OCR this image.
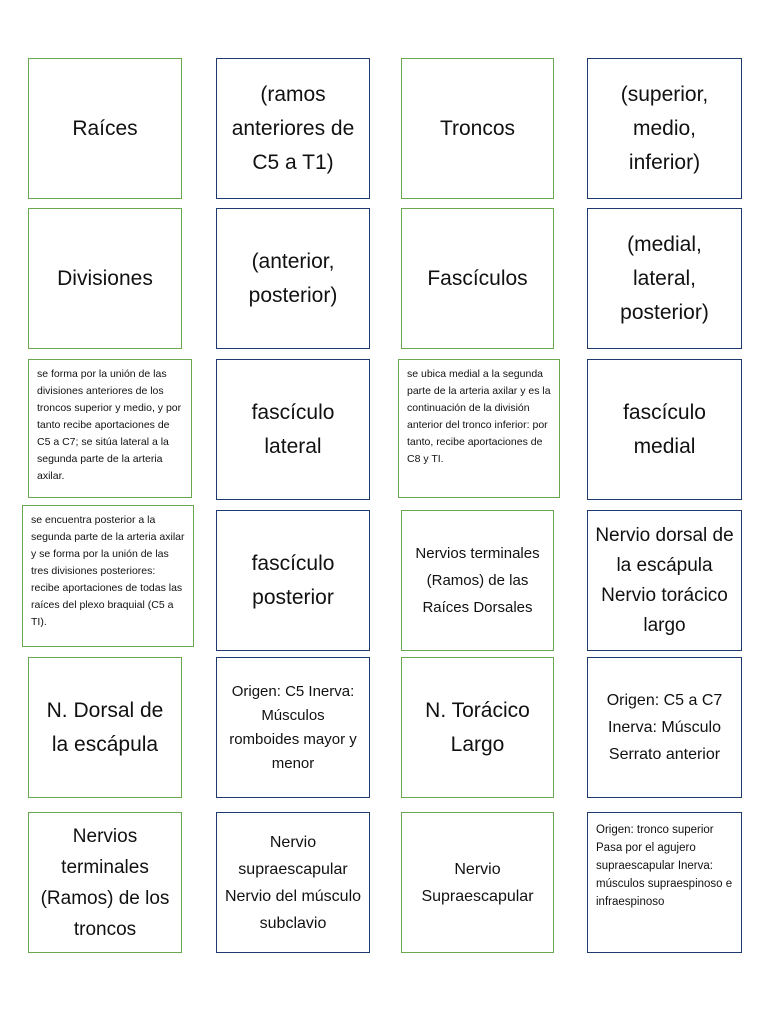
Raíces
(ramos anteriores de C5 a T1)
Troncos
(superior, medio, inferior)
Divisiones
(anterior, posterior)
Fascículos
(medial, lateral, posterior)
se forma por la unión de las divisiones anteriores de los troncos superior y medio, y por tanto recibe aportaciones de C5 a C7; se sitúa lateral a la segunda parte de la arteria axilar.
fascículo lateral
se ubica medial a la segunda parte de la arteria axilar y es la continuación de la división anterior del tronco inferior: por tanto, recibe aportaciones de C8 y TI.
fascículo medial
se encuentra posterior a la segunda parte de la arteria axilar y se forma por la unión de las tres divisiones posteriores: recibe aportaciones de todas las raíces del plexo braquial (C5 a TI).
fascículo posterior
Nervios terminales (Ramos) de las Raíces Dorsales
Nervio dorsal de la escápula Nervio torácico largo
N. Dorsal de la escápula
Origen: C5 Inerva: Músculos romboides mayor y menor
N. Torácico Largo
Origen: C5 a C7 Inerva: Músculo Serrato anterior
Nervios terminales (Ramos) de los troncos
Nervio supraescapular Nervio del músculo subclavio
Nervio Supraescapular
Origen: tronco superior Pasa por el agujero supraescapular Inerva: músculos supraespinoso e infraespinoso
